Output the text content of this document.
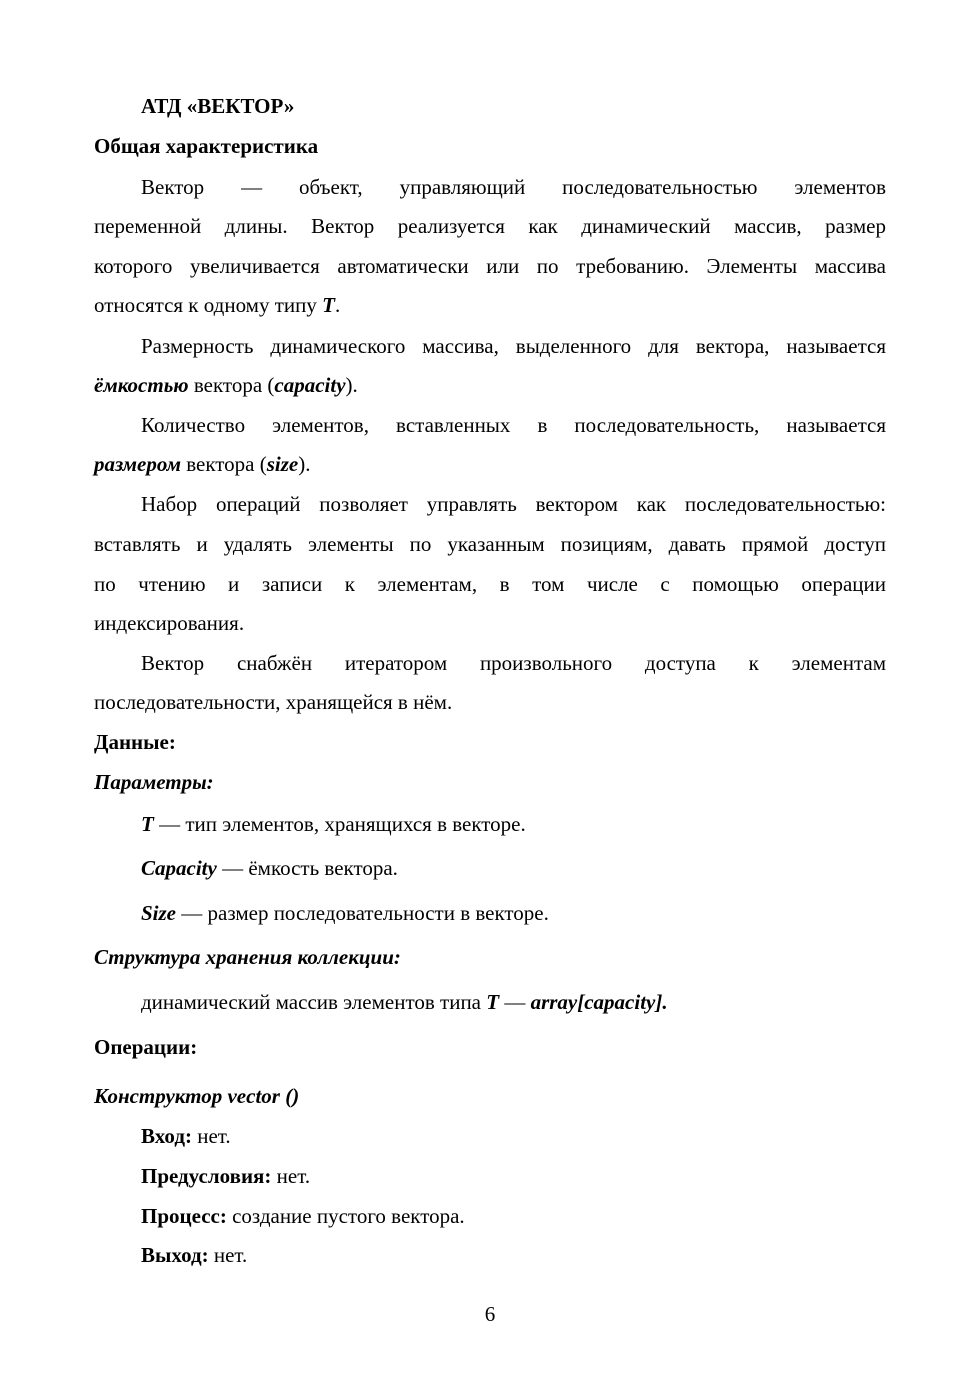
АТД «ВЕКТОР»
Общая характеристика
Вектор — объект, управляющий последовательностью элементов
переменной длины. Вектор реализуется как динамический массив, размер
которого увеличивается автоматически или по требованию. Элементы массива
относятся к одному типу T.
Размерность динамического массива, выделенного для вектора, называется
ёмкостью вектора (capacity).
Количество элементов, вставленных в последовательность, называется
размером вектора (size).
Набор операций позволяет управлять вектором как последовательностью:
вставлять и удалять элементы по указанным позициям, давать прямой доступ
по чтению и записи к элементам, в том числе с помощью операции
индексирования.
Вектор снабжён итератором произвольного доступа к элементам
последовательности, хранящейся в нём.
Данные:
Параметры:
T — тип элементов, хранящихся в векторе.
Capacity — ёмкость вектора.
Size — размер последовательности в векторе.
Структура хранения коллекции:
динамический массив элементов типа T — array[capacity].
Операции:
Конструктор vector ()
Вход: нет.
Предусловия: нет.
Процесс: создание пустого вектора.
Выход: нет.
6
